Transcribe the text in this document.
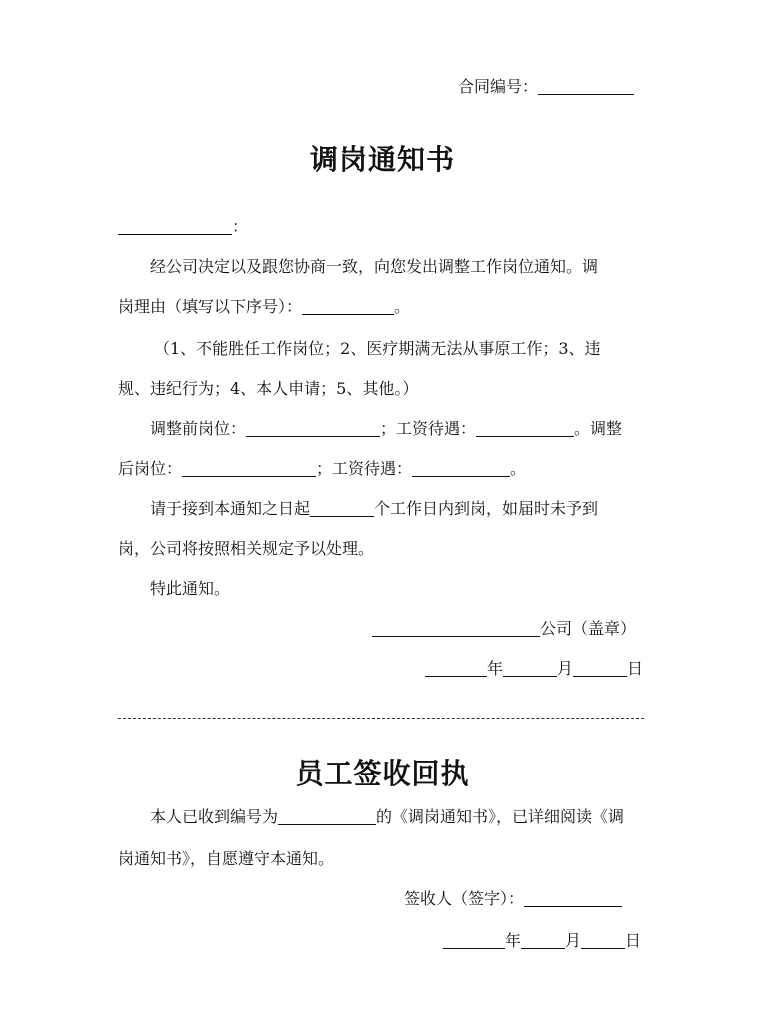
合同编号：
调岗通知书
：
经公司决定以及跟您协商一致，向您发出调整工作岗位通知。调
岗理由（填写以下序号）：	。
（1、不能胜任工作岗位；2、医疗期满无法从事原工作；3、违
规、违纪行为；4、本人申请；5、其他。）
调整前岗位：	；工资待遇：	。调整
后岗位：	；工资待遇：	。
请于接到本通知之日起	个工作日内到岗，如届时未予到
岗，公司将按照相关规定予以处理。
特此通知。
公司（盖章）
年	月	日
员工签收回执
本人已收到编号为	的《调岗通知书》，已详细阅读《调
岗通知书》，自愿遵守本通知。
签收人（签字）：
年	月	日
